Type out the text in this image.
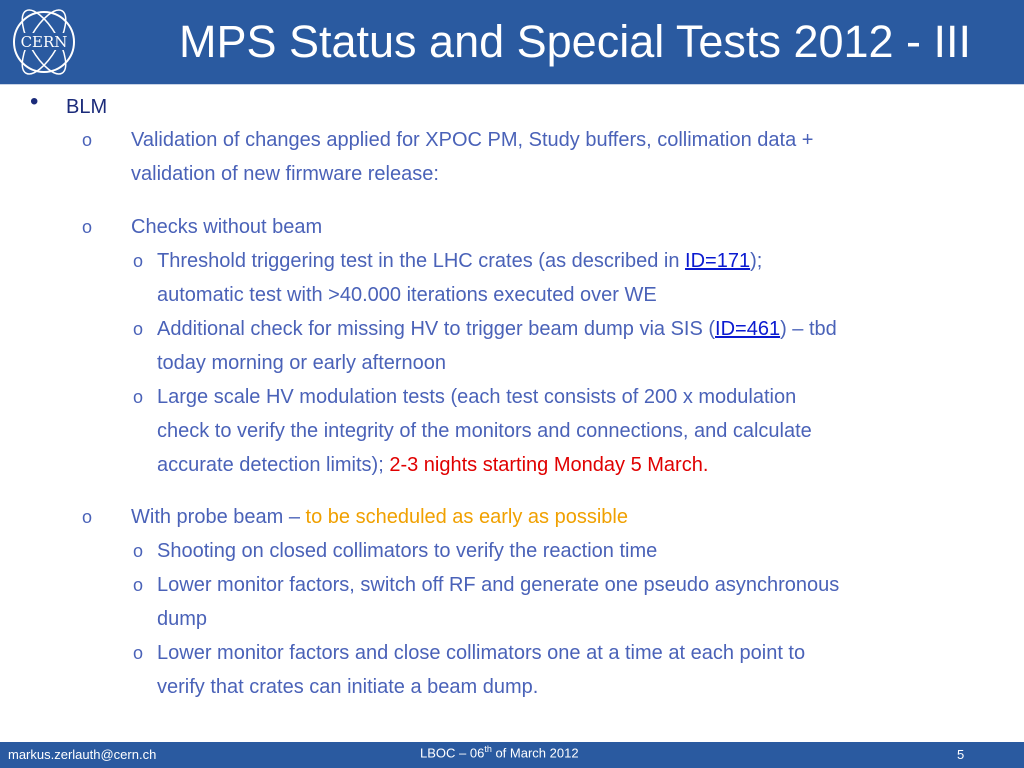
CERN	MPS Status and Special Tests 2012 - III
• BLM
o Validation of changes applied for XPOC PM, Study buffers, collimation data +
validation of new firmware release:
o Checks without beam
o Threshold triggering test in the LHC crates (as described in ID=171);
automatic test with >40.000 iterations executed over WE
o Additional check for missing HV to trigger beam dump via SIS (ID=461) – tbd
today morning or early afternoon
o Large scale HV modulation tests (each test consists of 200 x modulation
check to verify the integrity of the monitors and connections, and calculate
accurate detection limits); 2-3 nights starting Monday 5 March.
o With probe beam – to be scheduled as early as possible
o Shooting on closed collimators to verify the reaction time
o Lower monitor factors, switch off RF and generate one pseudo asynchronous
dump
o Lower monitor factors and close collimators one at a time at each point to
verify that crates can initiate a beam dump.
markus.zerlauth@cern.ch	LBOC – 06th of March 2012	5
